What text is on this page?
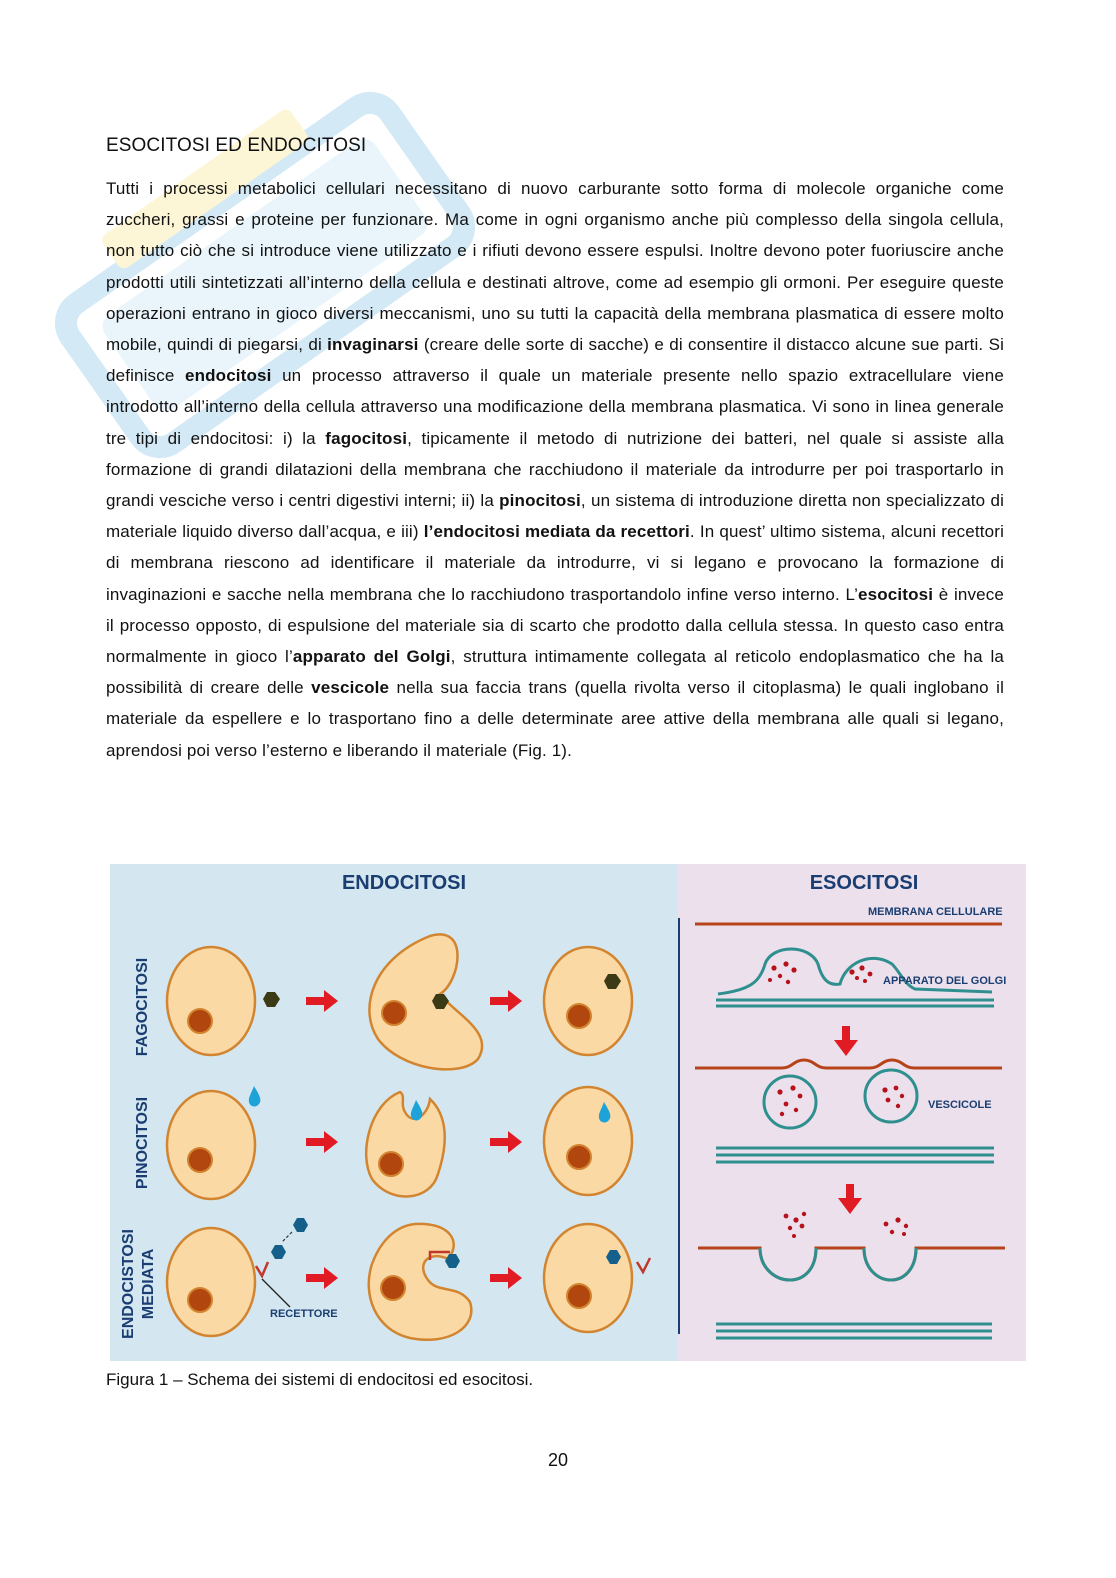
ESOCITOSI ED ENDOCITOSI

Tutti i processi metabolici cellulari necessitano di nuovo carburante sotto forma di molecole organiche come zuccheri, grassi e proteine per funzionare. Ma come in ogni organismo anche più complesso della singola cellula, non tutto ciò che si introduce viene utilizzato e i rifiuti devono essere espulsi. Inoltre devono poter fuoriuscire anche prodotti utili sintetizzati all’interno della cellula e destinati altrove, come ad esempio gli ormoni. Per eseguire queste operazioni entrano in gioco diversi meccanismi, uno su tutti la capacità della membrana plasmatica di essere molto mobile, quindi di piegarsi, di invaginarsi (creare delle sorte di sacche) e di consentire il distacco alcune sue parti. Si definisce endocitosi un processo attraverso il quale un materiale presente nello spazio extracellulare viene introdotto all’interno della cellula attraverso una modificazione della membrana plasmatica. Vi sono in linea generale tre tipi di endocitosi: i) la fagocitosi, tipicamente il metodo di nutrizione dei batteri, nel quale si assiste alla formazione di grandi dilatazioni della membrana che racchiudono il materiale da introdurre per poi trasportarlo in grandi vesciche verso i centri digestivi interni; ii) la pinocitosi, un sistema di introduzione diretta non specializzato di materiale liquido diverso dall’acqua, e iii) l’endocitosi mediata da recettori. In quest’ ultimo sistema, alcuni recettori di membrana riescono ad identificare il materiale da introdurre, vi si legano e provocano la formazione di invaginazioni e sacche nella membrana che lo racchiudono trasportandolo infine verso interno. L’esocitosi è invece il processo opposto, di espulsione del materiale sia di scarto che prodotto dalla cellula stessa. In questo caso entra normalmente in gioco l’apparato del Golgi, struttura intimamente collegata al reticolo endoplasmatico che ha la possibilità di creare delle vescicole nella sua faccia trans (quella rivolta verso il citoplasma) le quali inglobano il materiale da espellere e lo trasportano fino a delle determinate aree attive della membrana alle quali si legano, aprendosi poi verso l’esterno e liberando il materiale (Fig. 1).

ENDOCITOSI	ESOCITOSI
FAGOCITOSI
PINOCITOSI
ENDOCISTOSI MEDIATA	RECETTORE
MEMBRANA CELLULARE
APPARATO DEL GOLGI
VESCICOLE

Figura 1 – Schema dei sistemi di endocitosi ed esocitosi.

20
